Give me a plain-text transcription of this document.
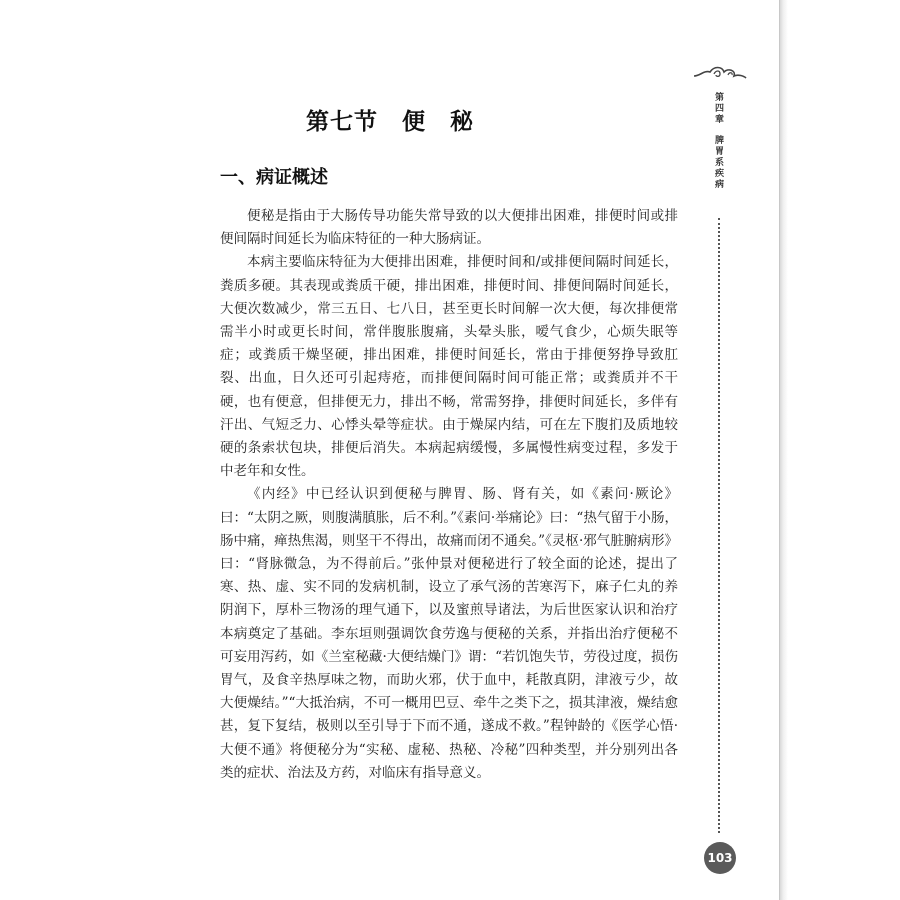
第七节　便　秘
一、病证概述

便秘是指由于大肠传导功能失常导致的以大便排出困难，排便时间或排便间隔时间延长为临床特征的一种大肠病证。

本病主要临床特征为大便排出困难，排便时间和/或排便间隔时间延长，粪质多硬。其表现或粪质干硬，排出困难，排便时间、排便间隔时间延长，大便次数减少，常三五日、七八日，甚至更长时间解一次大便，每次排便常需半小时或更长时间，常伴腹胀腹痛，头晕头胀，嗳气食少，心烦失眠等症；或粪质干燥坚硬，排出困难，排便时间延长，常由于排便努挣导致肛裂、出血，日久还可引起痔疮，而排便间隔时间可能正常；或粪质并不干硬，也有便意，但排便无力，排出不畅，常需努挣，排便时间延长，多伴有汗出、气短乏力、心悸头晕等症状。由于燥屎内结，可在左下腹扪及质地较硬的条索状包块，排便后消失。本病起病缓慢，多属慢性病变过程，多发于中老年和女性。

《内经》中已经认识到便秘与脾胃、肠、肾有关，如《素问·厥论》曰：“太阴之厥，则腹满䐜胀，后不利。”《素问·举痛论》曰：“热气留于小肠，肠中痛，瘅热焦渴，则坚干不得出，故痛而闭不通矣。”《灵枢·邪气脏腑病形》曰：“肾脉微急，为不得前后。”张仲景对便秘进行了较全面的论述，提出了寒、热、虚、实不同的发病机制，设立了承气汤的苦寒泻下，麻子仁丸的养阴润下，厚朴三物汤的理气通下，以及蜜煎导诸法，为后世医家认识和治疗本病奠定了基础。李东垣则强调饮食劳逸与便秘的关系，并指出治疗便秘不可妄用泻药，如《兰室秘藏·大便结燥门》谓：“若饥饱失节，劳役过度，损伤胃气，及食辛热厚味之物，而助火邪，伏于血中，耗散真阴，津液亏少，故大便燥结。”“大抵治病，不可一概用巴豆、牵牛之类下之，损其津液，燥结愈甚，复下复结，极则以至引导于下而不通，遂成不救。”程钟龄的《医学心悟·大便不通》将便秘分为“实秘、虚秘、热秘、冷秘”四种类型，并分别列出各类的症状、治法及方药，对临床有指导意义。

第四章
脾胃系疾病
103
